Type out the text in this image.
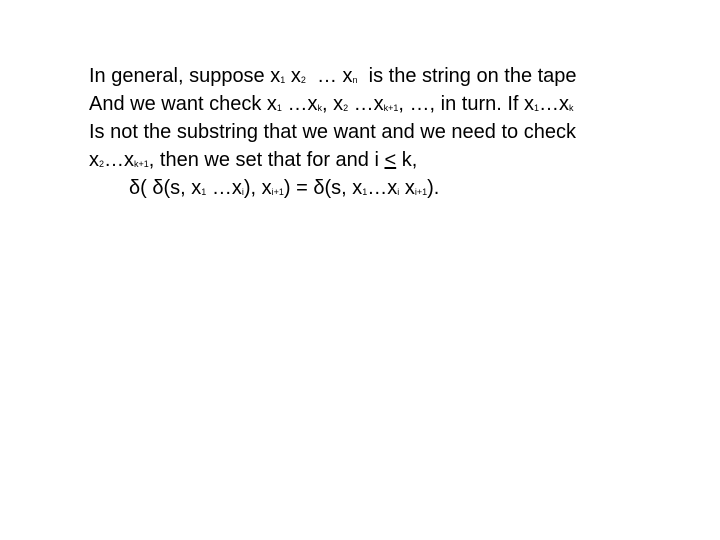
In general, suppose x1 x2  … xn  is the string on the tape
And we want check x1 …xk, x2 …xk+1, …, in turn. If x1…xk
Is not the substring that we want and we need to check
x2…xk+1, then we set that for and i < k,
δ( δ(s, x1 …xi), xi+1) = δ(s, x1…xi xi+1).
